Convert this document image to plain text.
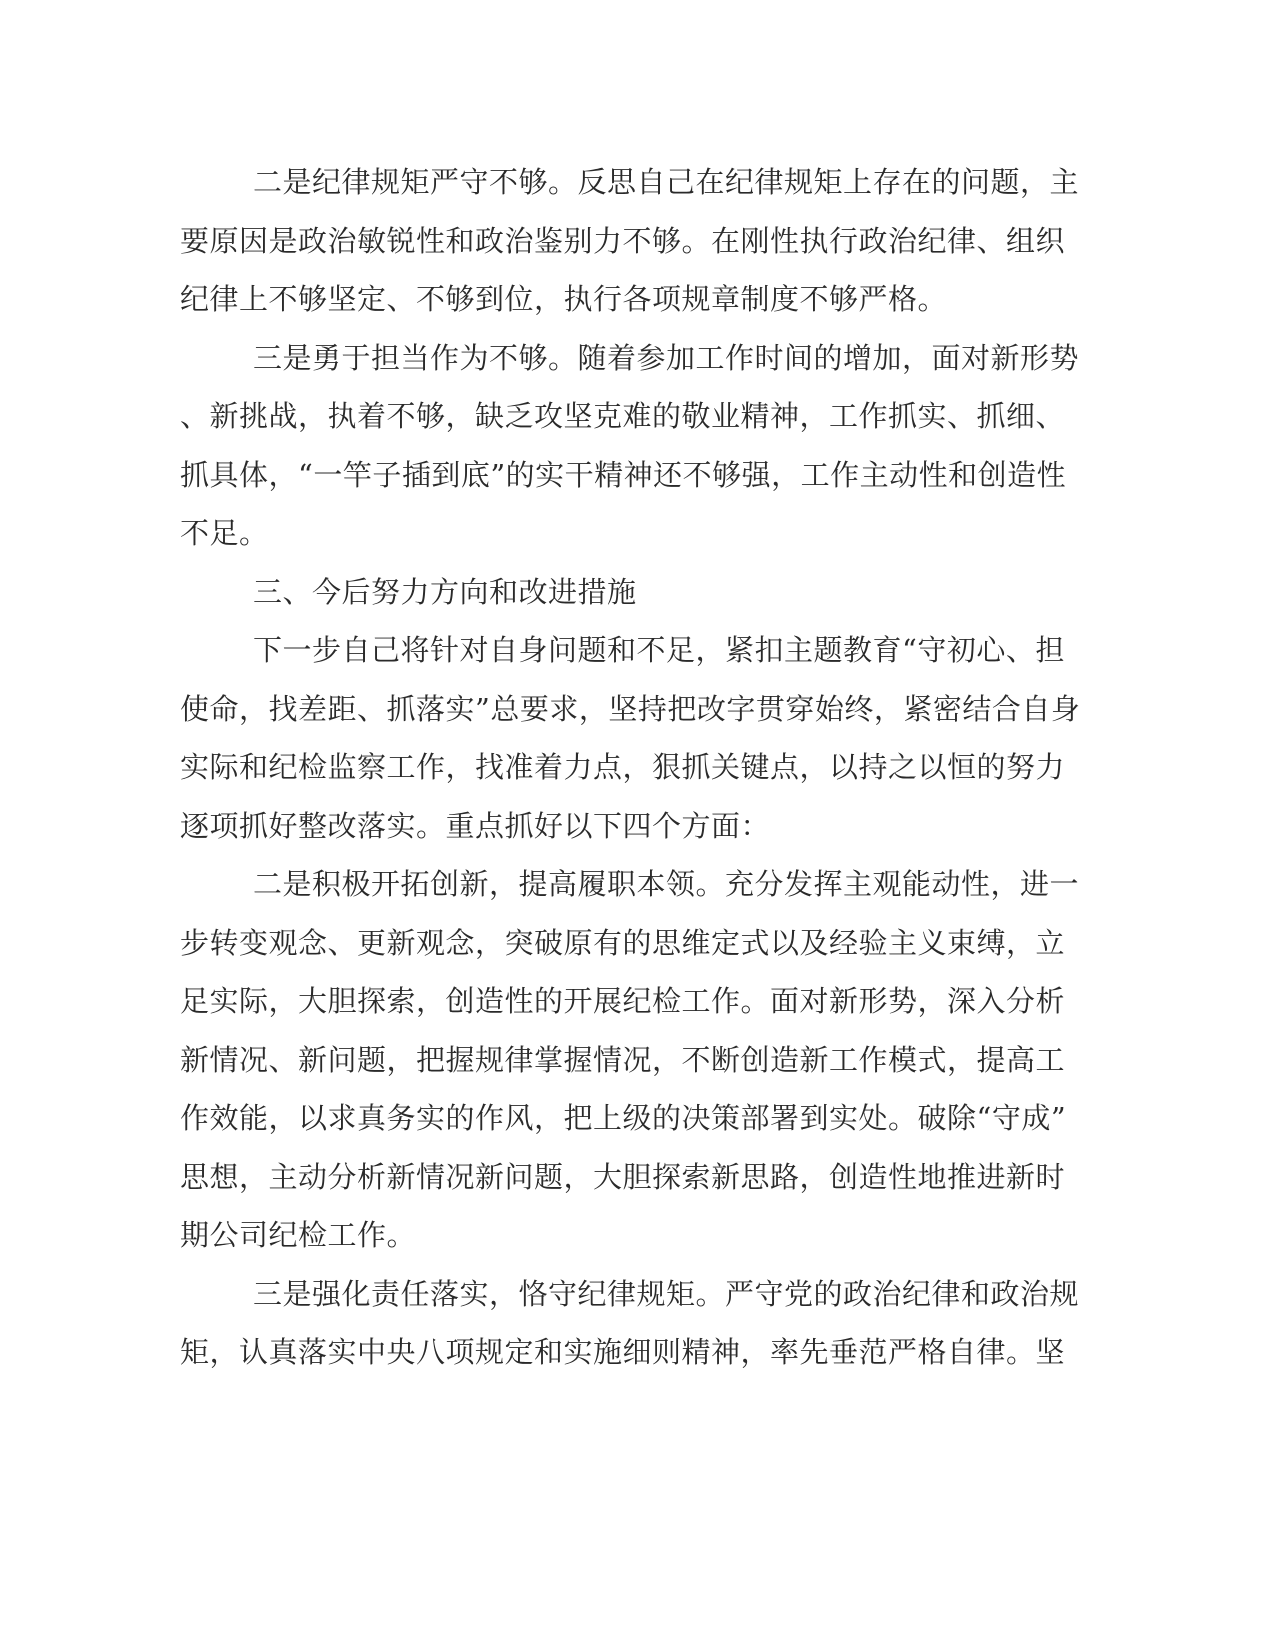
二是纪律规矩严守不够。反思自己在纪律规矩上存在的问题，主
要原因是政治敏锐性和政治鉴别力不够。在刚性执行政治纪律、组织
纪律上不够坚定、不够到位，执行各项规章制度不够严格。
三是勇于担当作为不够。随着参加工作时间的增加，面对新形势
、新挑战，执着不够，缺乏攻坚克难的敬业精神，工作抓实、抓细、
抓具体，“一竿子插到底”的实干精神还不够强，工作主动性和创造性
不足。
三、今后努力方向和改进措施
下一步自己将针对自身问题和不足，紧扣主题教育“守初心、担
使命，找差距、抓落实”总要求，坚持把改字贯穿始终，紧密结合自身
实际和纪检监察工作，找准着力点，狠抓关键点，以持之以恒的努力
逐项抓好整改落实。重点抓好以下四个方面：
二是积极开拓创新，提高履职本领。充分发挥主观能动性，进一
步转变观念、更新观念，突破原有的思维定式以及经验主义束缚，立
足实际，大胆探索，创造性的开展纪检工作。面对新形势，深入分析
新情况、新问题，把握规律掌握情况，不断创造新工作模式，提高工
作效能，以求真务实的作风，把上级的决策部署到实处。破除“守成”
思想，主动分析新情况新问题，大胆探索新思路，创造性地推进新时
期公司纪检工作。
三是强化责任落实，恪守纪律规矩。严守党的政治纪律和政治规
矩，认真落实中央八项规定和实施细则精神，率先垂范严格自律。坚
